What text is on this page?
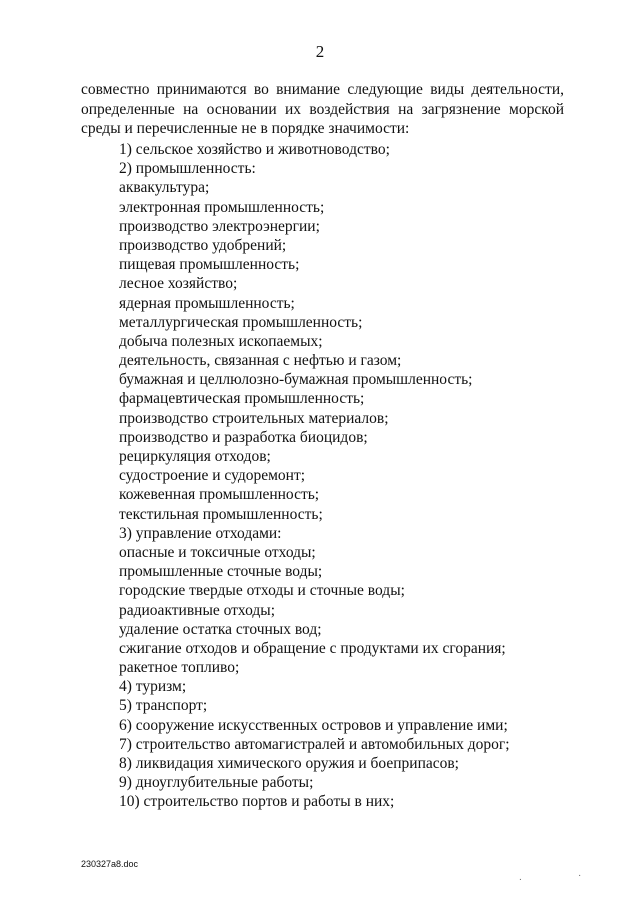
2
совместно принимаются во внимание следующие виды деятельности, определенные на основании их воздействия на загрязнение морской среды и перечисленные не в порядке значимости:
1) сельское хозяйство и животноводство;
2) промышленность:
аквакультура;
электронная промышленность;
производство электроэнергии;
производство удобрений;
пищевая промышленность;
лесное хозяйство;
ядерная промышленность;
металлургическая промышленность;
добыча полезных ископаемых;
деятельность, связанная с нефтью и газом;
бумажная и целлюлозно-бумажная промышленность;
фармацевтическая промышленность;
производство строительных материалов;
производство и разработка биоцидов;
рециркуляция отходов;
судостроение и судоремонт;
кожевенная промышленность;
текстильная промышленность;
3) управление отходами:
опасные и токсичные отходы;
промышленные сточные воды;
городские твердые отходы и сточные воды;
радиоактивные отходы;
удаление остатка сточных вод;
сжигание отходов и обращение с продуктами их сгорания;
ракетное топливо;
4) туризм;
5) транспорт;
6) сооружение искусственных островов и управление ими;
7) строительство автомагистралей и автомобильных дорог;
8) ликвидация химического оружия и боеприпасов;
9) дноуглубительные работы;
10) строительство портов и работы в них;
230327a8.doc
.	·
